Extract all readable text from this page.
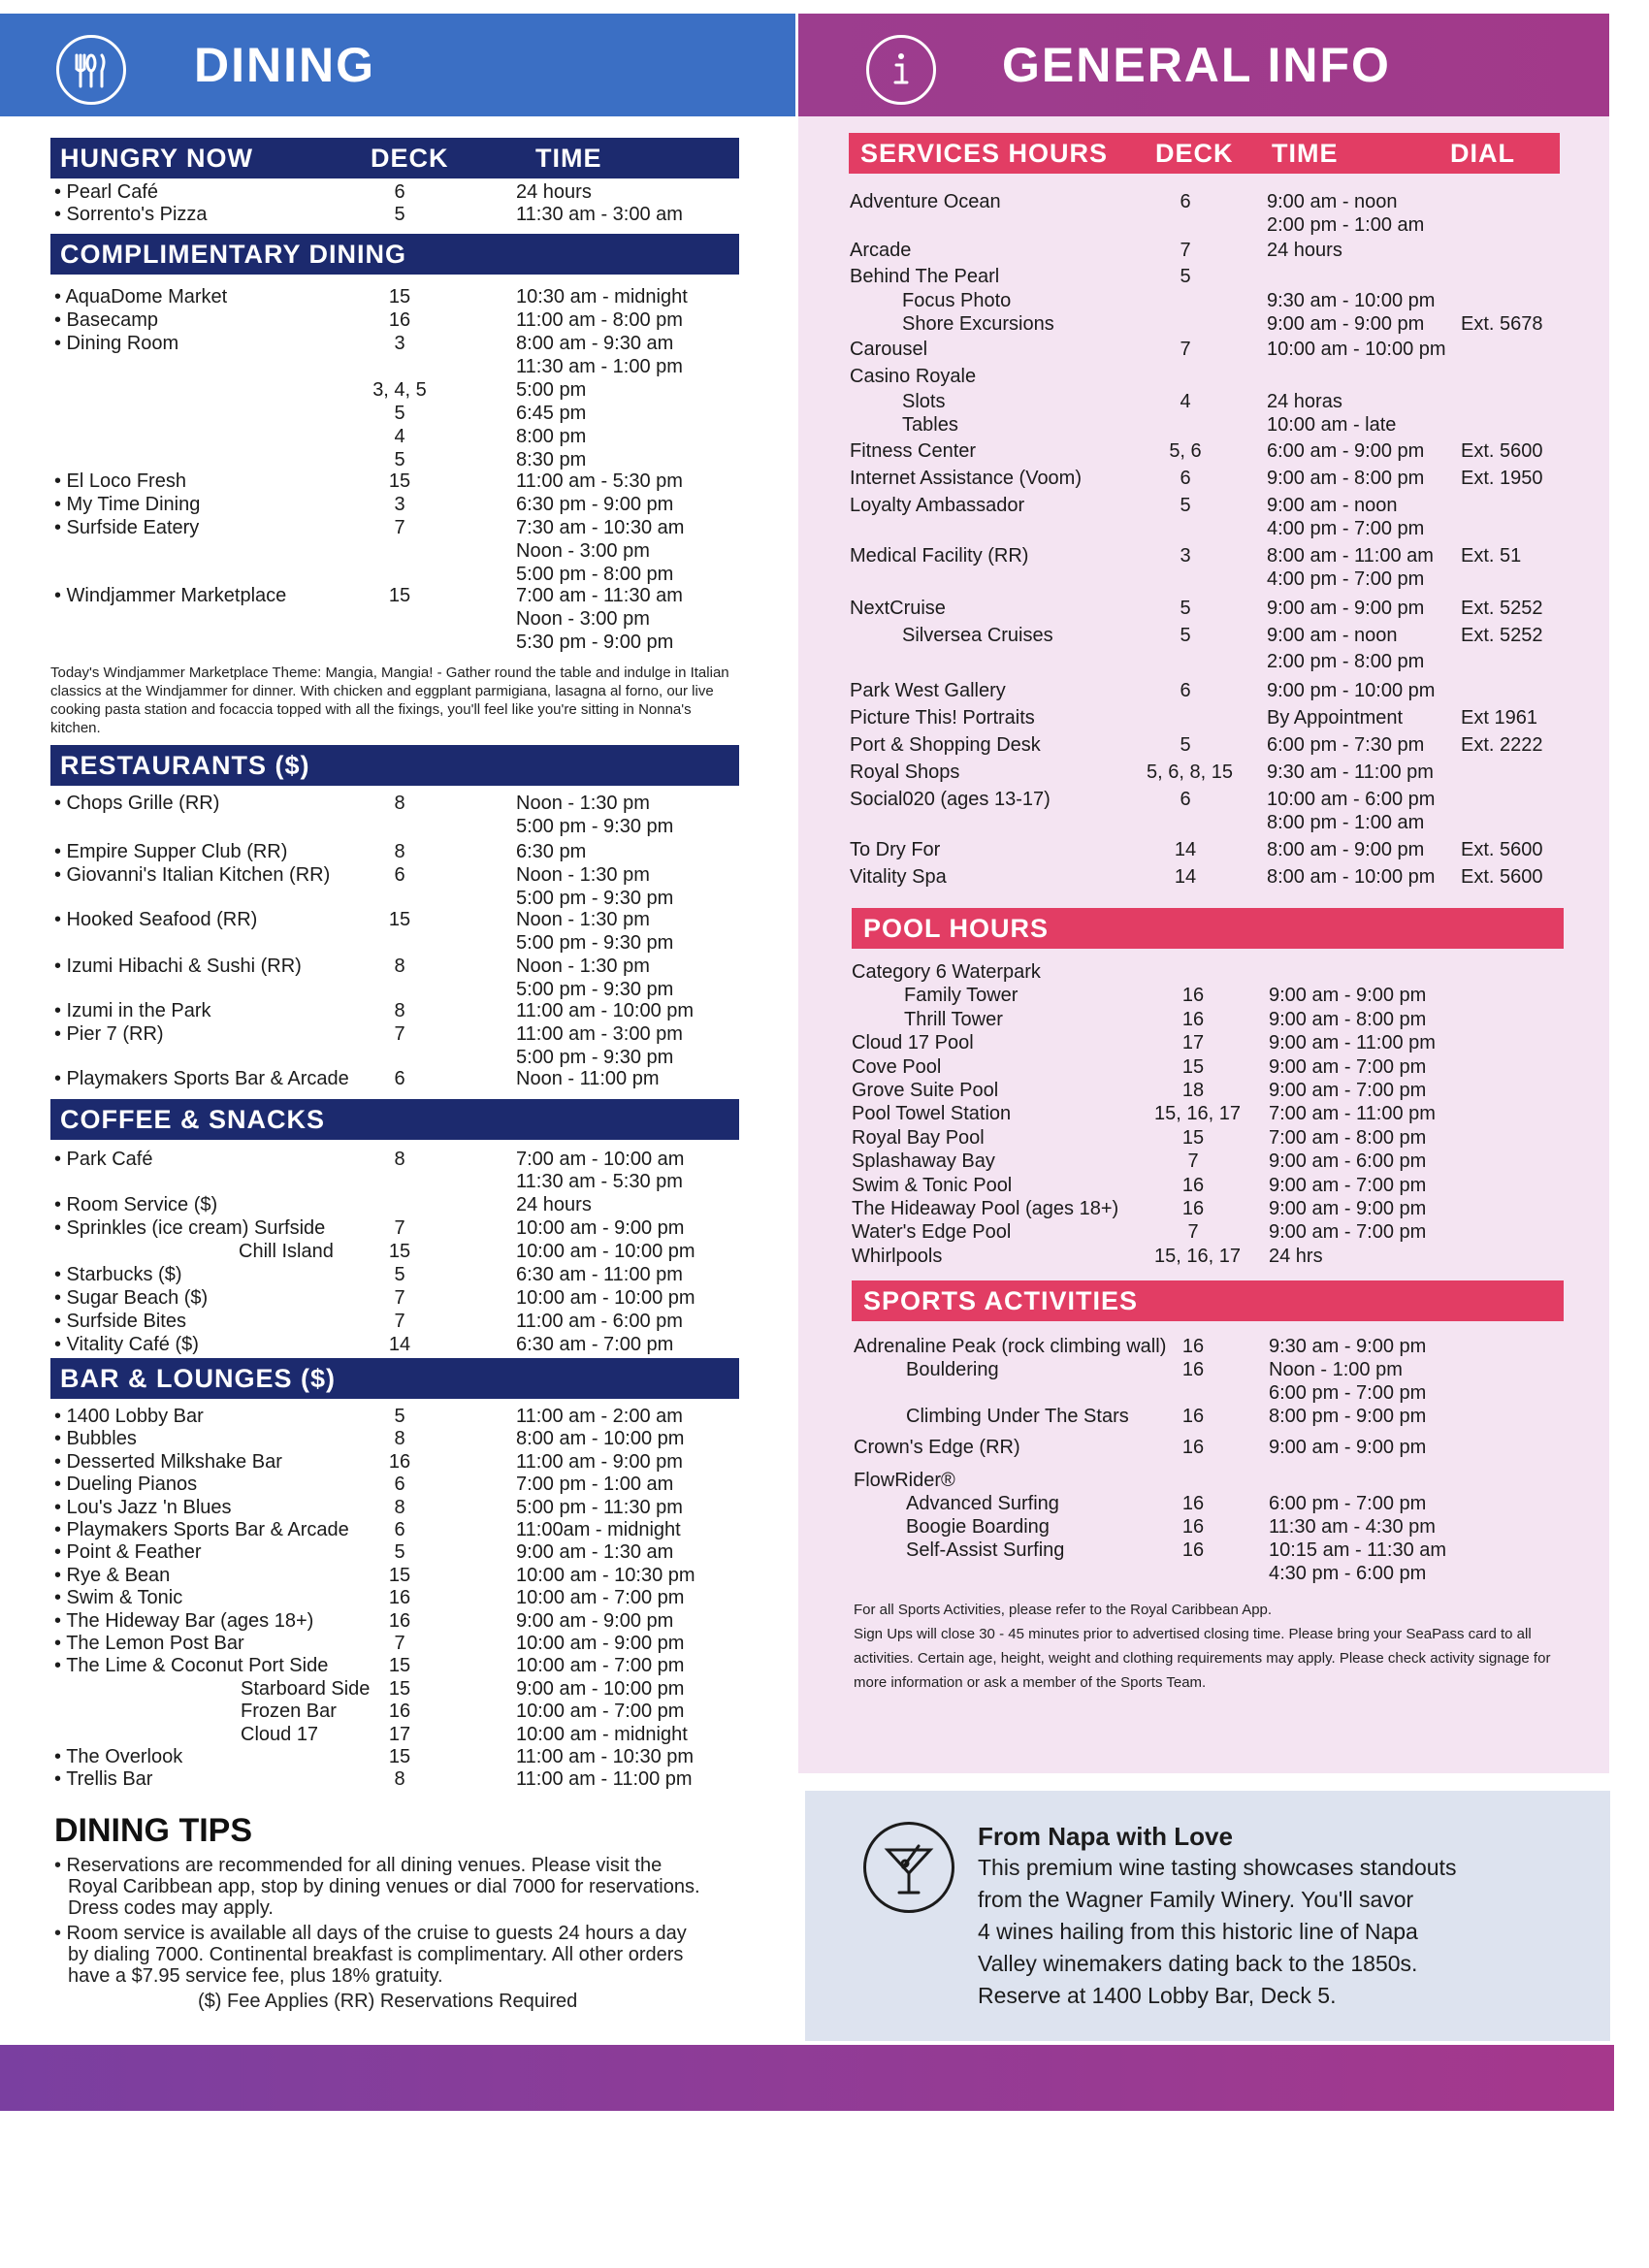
DINING	GENERAL INFO
HUNGRY NOW	DECK	TIME
• Pearl Café	6	24 hours
• Sorrento's Pizza	5	11:30 am - 3:00 am
COMPLIMENTARY DINING
• AquaDome Market	15	10:30 am - midnight
• Basecamp	16	11:00 am - 8:00 pm
• Dining Room	3	8:00 am - 9:30 am
11:30 am - 1:00 pm
3, 4, 5	5:00 pm
5	6:45 pm
4	8:00 pm
5	8:30 pm
• El Loco Fresh	15	11:00 am - 5:30 pm
• My Time Dining	3	6:30 pm - 9:00 pm
• Surfside Eatery	7	7:30 am - 10:30 am
Noon - 3:00 pm
5:00 pm - 8:00 pm
• Windjammer Marketplace	15	7:00 am - 11:30 am
Noon - 3:00 pm
5:30 pm - 9:00 pm
Today's Windjammer Marketplace Theme: Mangia, Mangia! - Gather round the table and indulge in Italian
classics at the Windjammer for dinner. With chicken and eggplant parmigiana, lasagna al forno, our live
cooking pasta station and focaccia topped with all the fixings, you'll feel like you're sitting in Nonna's
kitchen.
RESTAURANTS ($)
• Chops Grille (RR)	8	Noon - 1:30 pm
5:00 pm - 9:30 pm
• Empire Supper Club (RR)	8	6:30 pm
• Giovanni's Italian Kitchen (RR)	6	Noon - 1:30 pm
5:00 pm - 9:30 pm
• Hooked Seafood (RR)	15	Noon - 1:30 pm
5:00 pm - 9:30 pm
• Izumi Hibachi & Sushi (RR)	8	Noon - 1:30 pm
5:00 pm - 9:30 pm
• Izumi in the Park	8	11:00 am - 10:00 pm
• Pier 7 (RR)	7	11:00 am - 3:00 pm
5:00 pm - 9:30 pm
• Playmakers Sports Bar & Arcade	6	Noon - 11:00 pm
COFFEE & SNACKS
• Park Café	8	7:00 am - 10:00 am
11:30 am - 5:30 pm
• Room Service ($)	24 hours
• Sprinkles (ice cream) Surfside	7	10:00 am - 9:00 pm
Chill Island	15	10:00 am - 10:00 pm
• Starbucks ($)	5	6:30 am - 11:00 pm
• Sugar Beach ($)	7	10:00 am - 10:00 pm
• Surfside Bites	7	11:00 am - 6:00 pm
• Vitality Café ($)	14	6:30 am - 7:00 pm
BAR & LOUNGES ($)
• 1400 Lobby Bar	5	11:00 am - 2:00 am
• Bubbles	8	8:00 am - 10:00 pm
• Desserted Milkshake Bar	16	11:00 am - 9:00 pm
• Dueling Pianos	6	7:00 pm - 1:00 am
• Lou's Jazz 'n Blues	8	5:00 pm - 11:30 pm
• Playmakers Sports Bar & Arcade	6	11:00am - midnight
• Point & Feather	5	9:00 am - 1:30 am
• Rye & Bean	15	10:00 am - 10:30 pm
• Swim & Tonic	16	10:00 am - 7:00 pm
• The Hideway Bar (ages 18+)	16	9:00 am - 9:00 pm
• The Lemon Post Bar	7	10:00 am - 9:00 pm
• The Lime & Coconut Port Side	15	10:00 am - 7:00 pm
Starboard Side 15	9:00 am - 10:00 pm
Frozen Bar	16	10:00 am - 7:00 pm
Cloud 17	17	10:00 am - midnight
• The Overlook	15	11:00 am - 10:30 pm
• Trellis Bar	8	11:00 am - 11:00 pm
DINING TIPS
• Reservations are recommended for all dining venues. Please visit the
Royal Caribbean app, stop by dining venues or dial 7000 for reservations.
Dress codes may apply.
• Room service is available all days of the cruise to guests 24 hours a day
by dialing 7000. Continental breakfast is complimentary. All other orders
have a $7.95 service fee, plus 18% gratuity.
($) Fee Applies (RR) Reservations Required
SERVICES HOURS DECK TIME	DIAL
Adventure Ocean	6	9:00 am - noon
2:00 pm - 1:00 am
Arcade	7	24 hours
Behind The Pearl	5
Focus Photo	9:30 am - 10:00 pm
Shore Excursions	9:00 am - 9:00 pm Ext. 5678
Carousel	7	10:00 am - 10:00 pm
Casino Royale
Slots	4	24 horas
Tables	10:00 am - late
Fitness Center	5, 6	6:00 am - 9:00 pm Ext. 5600
Internet Assistance (Voom)	6	9:00 am - 8:00 pm Ext. 1950
Loyalty Ambassador	5	9:00 am - noon
4:00 pm - 7:00 pm
Medical Facility (RR)	3	8:00 am - 11:00 am Ext. 51
4:00 pm - 7:00 pm
NextCruise	5	9:00 am - 9:00 pm Ext. 5252
Silversea Cruises	5	9:00 am - noon	Ext. 5252
2:00 pm - 8:00 pm
Park West Gallery	6	9:00 pm - 10:00 pm
Picture This! Portraits	By Appointment	Ext 1961
Port & Shopping Desk	5	6:00 pm - 7:30 pm Ext. 2222
Royal Shops	5, 6, 8, 15 9:30 am - 11:00 pm
Social020 (ages 13-17)	6	10:00 am - 6:00 pm
8:00 pm - 1:00 am
To Dry For	14	8:00 am - 9:00 pm Ext. 5600
Vitality Spa	14	8:00 am - 10:00 pm Ext. 5600
POOL HOURS
Category 6 Waterpark
Family Tower	16	9:00 am - 9:00 pm
Thrill Tower	16	9:00 am - 8:00 pm
Cloud 17 Pool	17	9:00 am - 11:00 pm
Cove Pool	15	9:00 am - 7:00 pm
Grove Suite Pool	18	9:00 am - 7:00 pm
Pool Towel Station	15, 16, 17 7:00 am - 11:00 pm
Royal Bay Pool	15	7:00 am - 8:00 pm
Splashaway Bay	7	9:00 am - 6:00 pm
Swim & Tonic Pool	16	9:00 am - 7:00 pm
The Hideaway Pool (ages 18+)	16	9:00 am - 9:00 pm
Water's Edge Pool	7	9:00 am - 7:00 pm
Whirlpools	15, 16, 17 24 hrs
SPORTS ACTIVITIES
Adrenaline Peak (rock climbing wall) 16	9:30 am - 9:00 pm
Bouldering	16	Noon - 1:00 pm
6:00 pm - 7:00 pm
Climbing Under The Stars	16	8:00 pm - 9:00 pm
Crown's Edge (RR)	16	9:00 am - 9:00 pm
FlowRider®
Advanced Surfing	16	6:00 pm - 7:00 pm
Boogie Boarding	16	11:30 am - 4:30 pm
Self-Assist Surfing	16	10:15 am - 11:30 am
4:30 pm - 6:00 pm
For all Sports Activities, please refer to the Royal Caribbean App.
Sign Ups will close 30 - 45 minutes prior to advertised closing time. Please bring your SeaPass card to all
activities. Certain age, height, weight and clothing requirements may apply. Please check activity signage for
more information or ask a member of the Sports Team.
From Napa with Love
This premium wine tasting showcases standouts
from the Wagner Family Winery. You'll savor
4 wines hailing from this historic line of Napa
Valley winemakers dating back to the 1850s.
Reserve at 1400 Lobby Bar, Deck 5.
